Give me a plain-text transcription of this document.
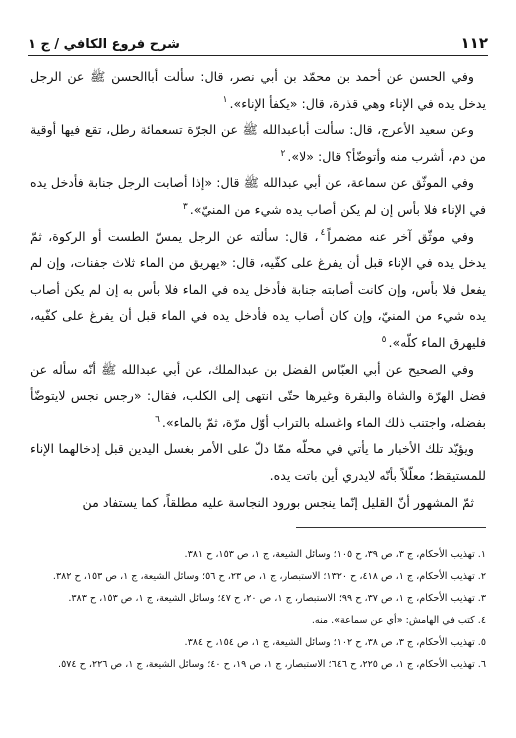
١١٢
شرح فروع الكافي / ج ١

وفي الحسن عن أحمد بن محمّد بن أبي نصر، قال: سألت أباالحسن ﷺ عن الرجل يدخل يده في الإناء وهي قذرة، قال: «يكفأ الإناء».$^١$

وعن سعيد الأعرج، قال: سألت أباعبدالله ﷺ عن الجرّة تسعمائة رطل، تقع فيها أوقية من دم، أشرب منه وأتوضّأ؟ قال: «لا».$^٢$

وفي الموثّق عن سماعة، عن أبي عبدالله ﷺ قال: «إذا أصابت الرجل جنابة فأدخل يده في الإناء فلا بأس إن لم يكن أصاب يده شيء من المنيّ».$^٣$

وفي موثّق آخر عنه مضمراً$^٤$، قال: سألته عن الرجل يمسّ الطست أو الركوة، ثمّ يدخل يده في الإناء قبل أن يفرغ على كفّيه، قال: «يهريق من الماء ثلاث جفنات، وإن لم يفعل فلا بأس، وإن كانت أصابته جنابة فأدخل يده في الماء فلا بأس به إن لم يكن أصاب يده شيء من المنيّ، وإن كان أصاب يده فأدخل يده في الماء قبل أن يفرغ على كفّيه، فليهرق الماء كلّه».$^٥$

وفي الصحيح عن أبي العبّاس الفضل بن عبدالملك، عن أبي عبدالله ﷺ أنّه سأله عن فضل الهرّة والشاة والبقرة وغيرها حتّى انتهى إلى الكلب، فقال: «رجس نجس لايتوضّأ بفضله، واجتنب ذلك الماء واغسله بالتراب أوّل مرّة، ثمّ بالماء».$^٦$

ويؤيّد تلك الأخبار ما يأتي في محلّه ممّا دلّ على الأمر بغسل اليدين قبل إدخالهما الإناء للمستيقظ؛ معلّلاً بأنّه لايدري أين باتت يده.

ثمّ المشهور أنّ القليل إنّما ينجس بورود النجاسة عليه مطلقاً، كما يستفاد من

١. تهذيب الأحكام، ج ٣، ص ٣٩، ح ١٠٥؛ وسائل الشيعة، ج ١، ص ١٥٣، ح ٣٨١.

٢. تهذيب الأحكام، ج ١، ص ٤١٨، ح ١٣٢٠؛ الاستبصار، ج ١، ص ٢٣، ح ٥٦؛ وسائل الشيعة، ج ١، ص ١٥٣، ح ٣٨٢.

٣. تهذيب الأحكام، ج ١، ص ٣٧، ح ٩٩؛ الاستبصار، ج ١، ص ٢٠، ح ٤٧؛ وسائل الشيعة، ج ١، ص ١٥٣، ح ٣٨٣.

٤. كتب في الهامش: «أي عن سماعة». منه.

٥. تهذيب الأحكام، ج ٣، ص ٣٨، ح ١٠٢؛ وسائل الشيعة، ج ١، ص ١٥٤، ح ٣٨٤.

٦. تهذيب الأحكام، ج ١، ص ٢٢٥، ح ٦٤٦؛ الاستبصار، ج ١، ص ١٩، ح ٤٠؛ وسائل الشيعة، ج ١، ص ٢٢٦، ح ٥٧٤.
